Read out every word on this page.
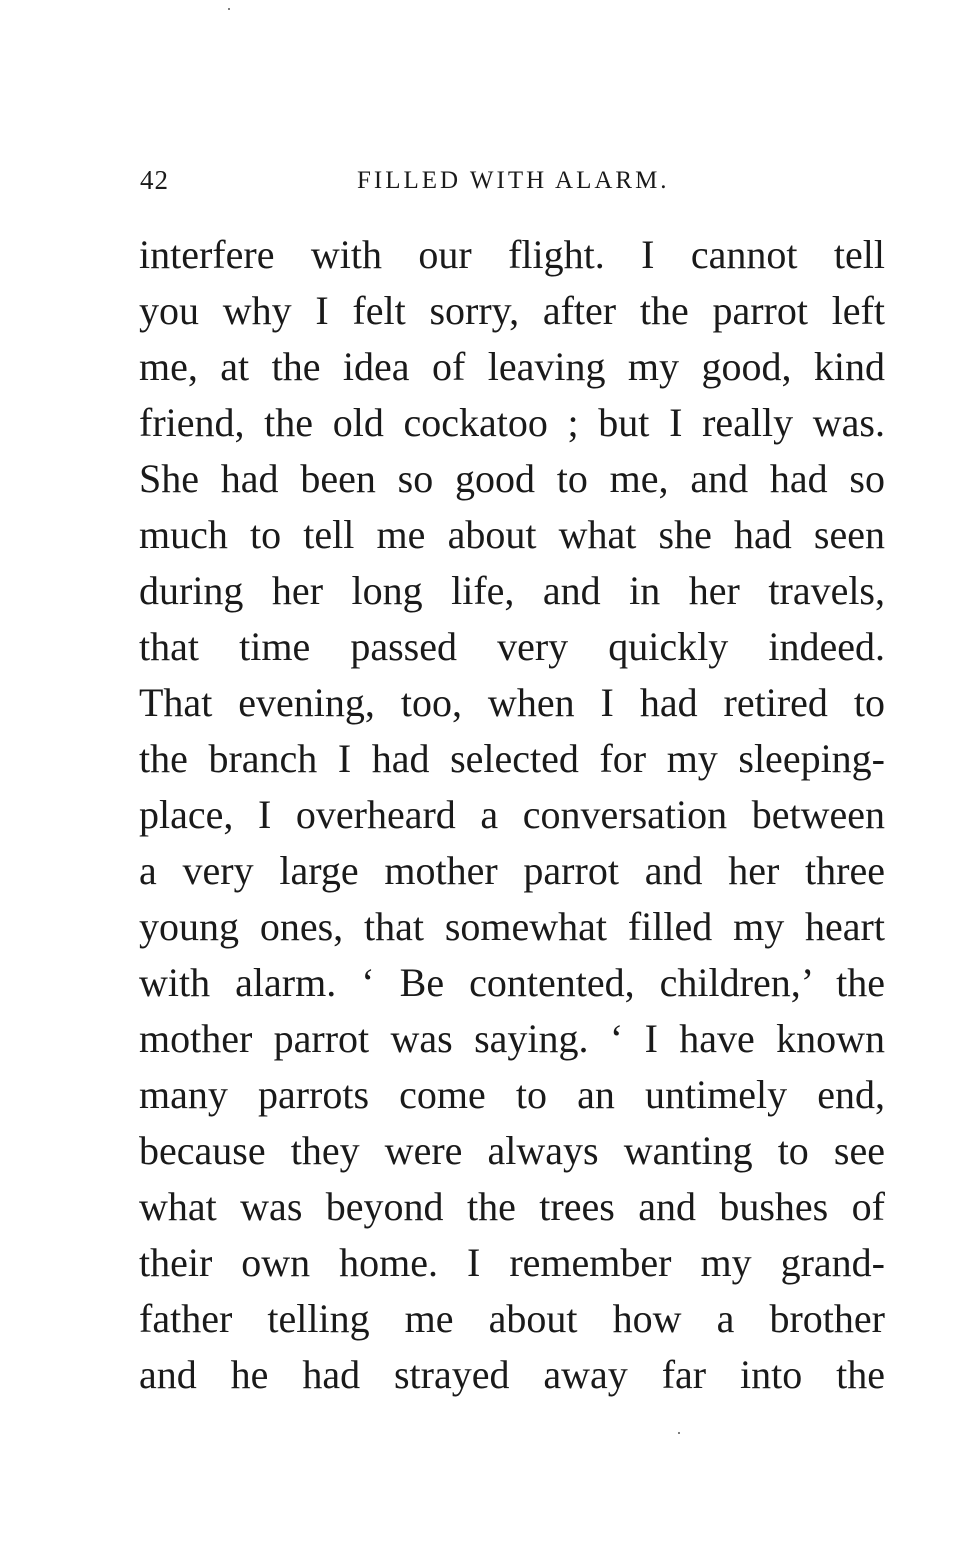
42	FILLED WITH ALARM.
interfere with our flight. I cannot tell
you why I felt sorry, after the parrot left
me, at the idea of leaving my good, kind
friend, the old cockatoo ; but I really was.
She had been so good to me, and had so
much to tell me about what she had seen
during her long life, and in her travels,
that time passed very quickly indeed.
That evening, too, when I had retired to
the branch I had selected for my sleeping-
place, I overheard a conversation between
a very large mother parrot and her three
young ones, that somewhat filled my heart
with alarm. ‘ Be contented, children,’ the
mother parrot was saying. ‘ I have known
many parrots come to an untimely end,
because they were always wanting to see
what was beyond the trees and bushes of
their own home. I remember my grand-
father telling me about how a brother
and he had strayed away far into the
